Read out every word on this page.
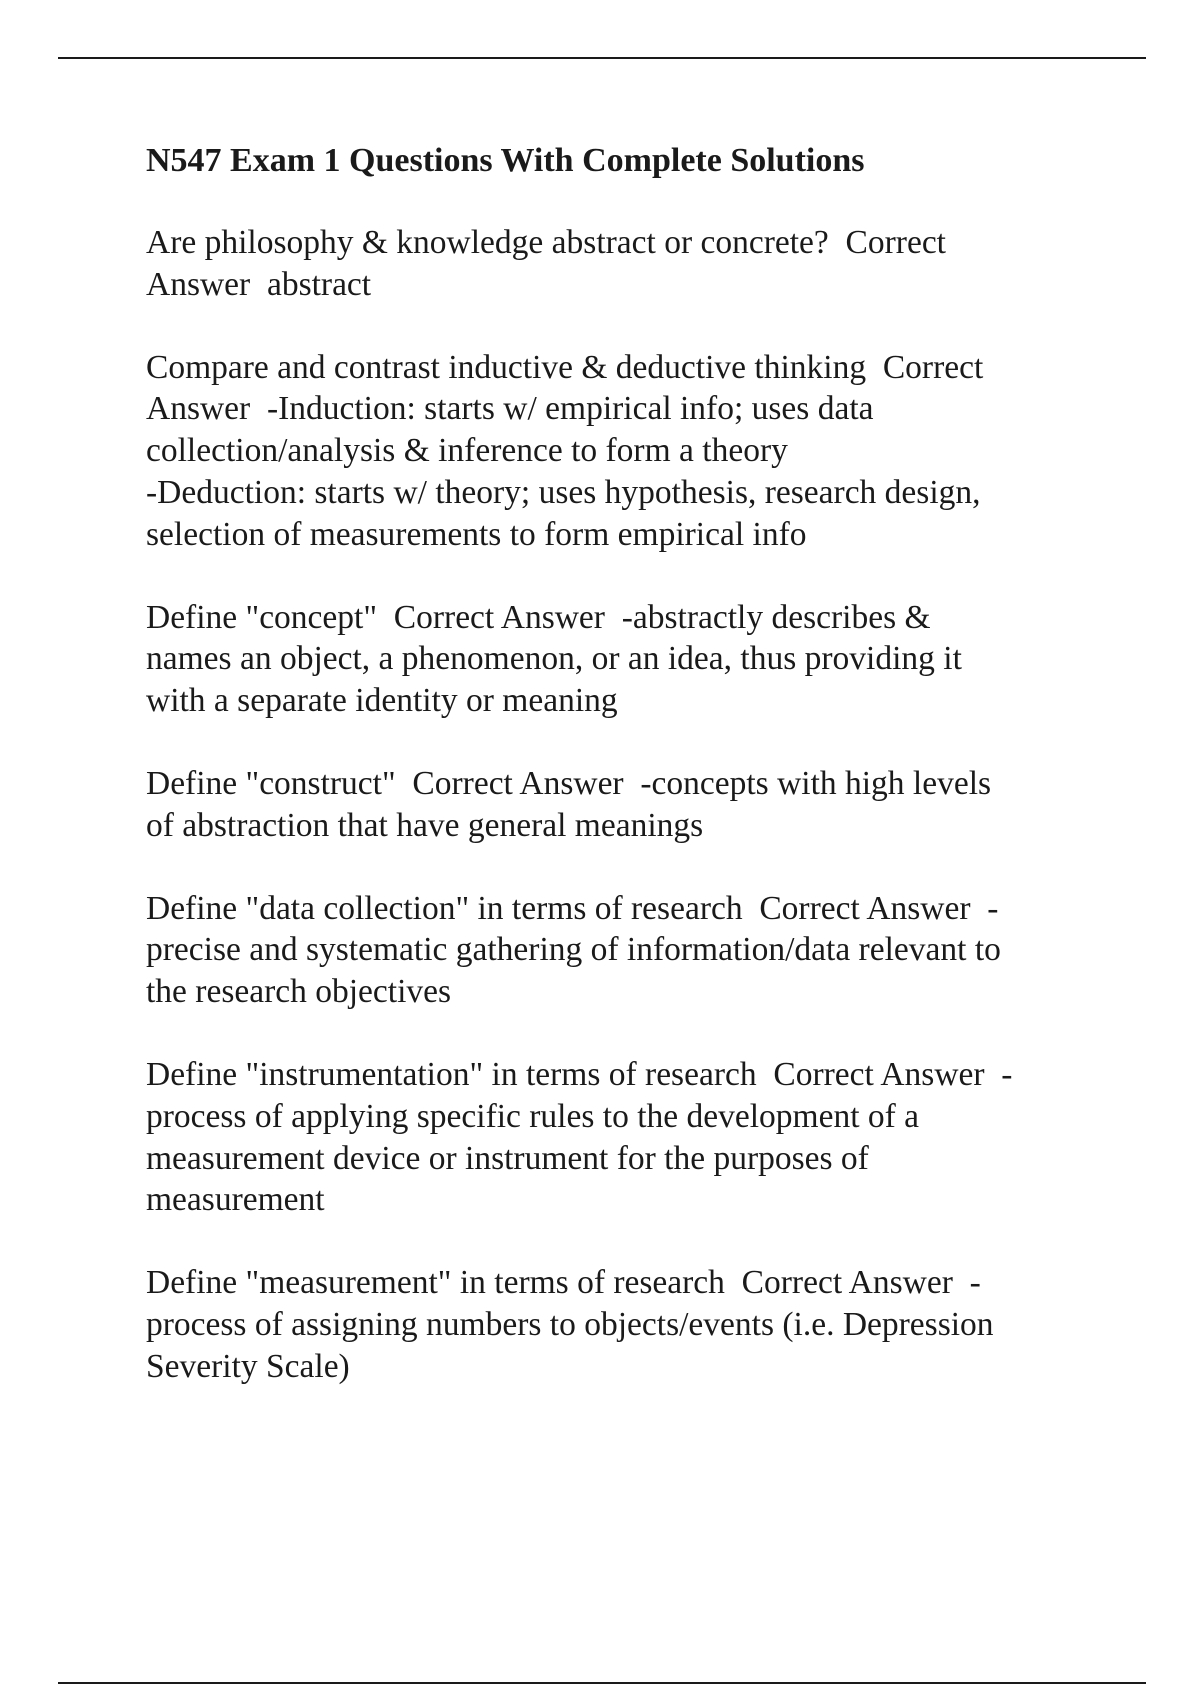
N547 Exam 1 Questions With Complete Solutions

Are philosophy & knowledge abstract or concrete?  Correct

Answer  abstract

Compare and contrast inductive & deductive thinking  Correct

Answer  -Induction: starts w/ empirical info; uses data

collection/analysis & inference to form a theory

-Deduction: starts w/ theory; uses hypothesis, research design,

selection of measurements to form empirical info

Define "concept"  Correct Answer  -abstractly describes &

names an object, a phenomenon, or an idea, thus providing it

with a separate identity or meaning

Define "construct"  Correct Answer  -concepts with high levels

of abstraction that have general meanings

Define "data collection" in terms of research  Correct Answer  -

precise and systematic gathering of information/data relevant to

the research objectives

Define "instrumentation" in terms of research  Correct Answer  -

process of applying specific rules to the development of a

measurement device or instrument for the purposes of

measurement

Define "measurement" in terms of research  Correct Answer  -

process of assigning numbers to objects/events (i.e. Depression

Severity Scale)
